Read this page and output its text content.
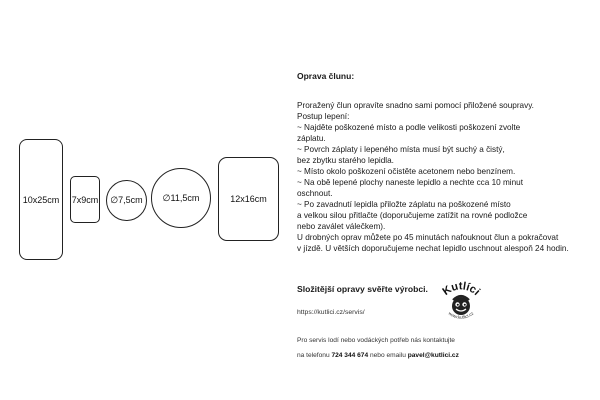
10x25cm 7x9cm ∅7,5cm ∅11,5cm	12x16cm
Oprava člunu:
Proražený člun opravíte snadno sami pomocí přiložené soupravy.
Postup lepení:
~ Najděte poškozené místo a podle velikosti poškození zvolte
záplatu.
~ Povrch záplaty i lepeného místa musí být suchý a čistý,
bez zbytku starého lepidla.
~ Místo okolo poškození očistěte acetonem nebo benzínem.
~ Na obě lepené plochy naneste lepidlo a nechte cca 10 minut
oschnout.
~ Po zavadnutí lepidla přiložte záplatu na poškozené místo
a velkou silou přitlačte (doporučujeme zatížit na rovné podložce
nebo zaválet válečkem).
U drobných oprav můžete po 45 minutách nafouknout člun a pokračovat
v jízdě. U větších doporučujeme nechat lepidlo uschnout alespoň 24 hodin.
Složitější opravy svěřte výrobci. Kutlíci
www.kutlici.cz
https://kutlici.cz/servis/
Pro servis lodí nebo vodáckých potřeb nás kontaktujte
na telefonu 724 344 674 nebo emailu pavel@kutlici.cz
